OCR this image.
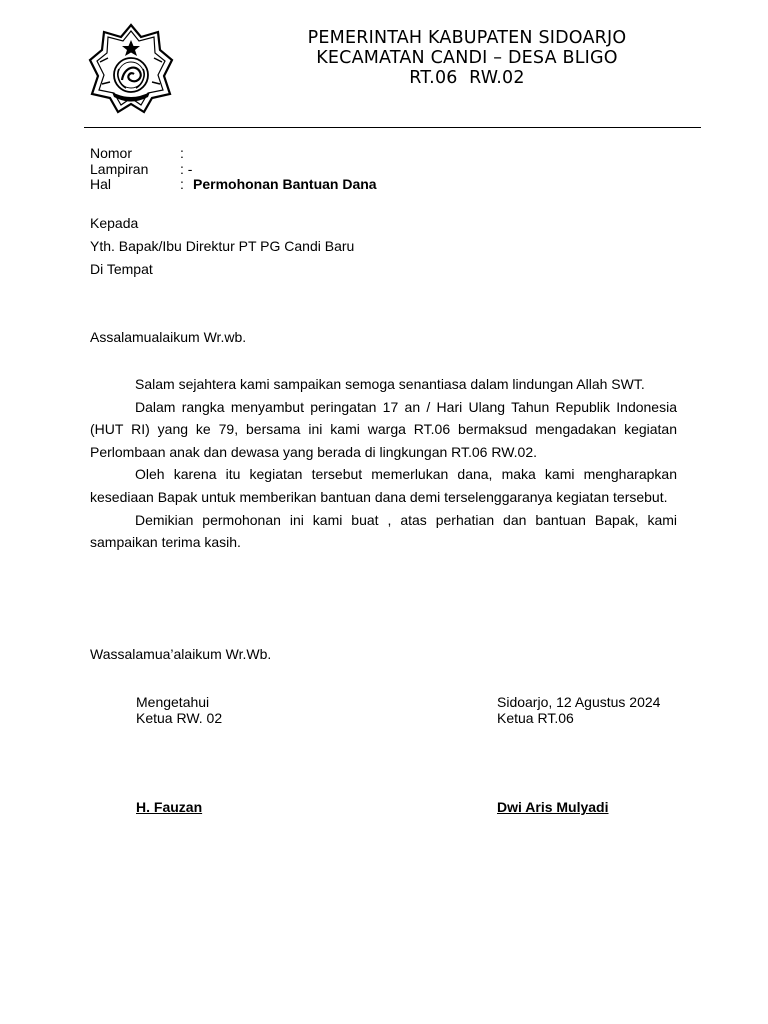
PEMERINTAH KABUPATEN SIDOARJO
KECAMATAN CANDI – DESA BLIGO
RT.06  RW.02
Nomor	:
Lampiran : -
Hal	: Permohonan Bantuan Dana
Kepada
Yth. Bapak/Ibu Direktur PT PG Candi Baru
Di Tempat
Assalamualaikum Wr.wb.

Salam sejahtera kami sampaikan semoga senantiasa dalam lindungan Allah SWT.

Dalam rangka menyambut peringatan 17 an / Hari Ulang Tahun Republik Indonesia (HUT RI) yang ke 79, bersama ini kami warga RT.06 bermaksud mengadakan kegiatan Perlombaan anak dan dewasa yang berada di lingkungan RT.06 RW.02.

Oleh karena itu kegiatan tersebut memerlukan dana, maka kami mengharapkan kesediaan Bapak untuk memberikan bantuan dana demi terselenggaranya kegiatan tersebut.

Demikian permohonan ini kami buat , atas perhatian dan bantuan Bapak, kami sampaikan terima kasih.

Wassalamua’alaikum Wr.Wb.
Mengetahui
Ketua RW. 02
H. Fauzan
Sidoarjo, 12 Agustus 2024
Ketua RT.06
Dwi Aris Mulyadi
